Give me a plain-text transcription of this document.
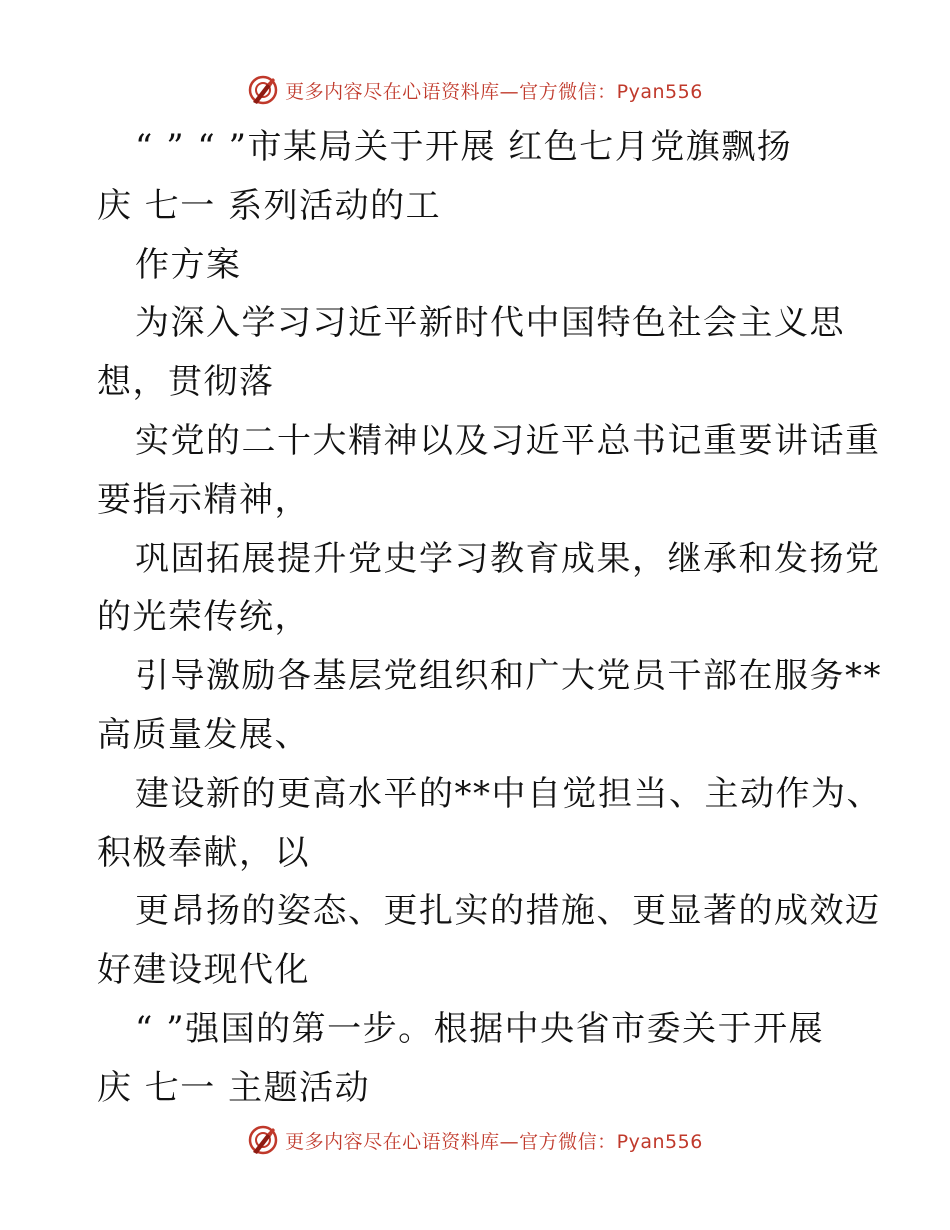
更多内容尽在心语资料库—官方微信：Pyan556
“ ” “ ”市某局关于开展 红色七月党旗飘扬
庆 七一 系列活动的工
作方案
为深入学习习近平新时代中国特色社会主义思
想，贯彻落
实党的二十大精神以及习近平总书记重要讲话重
要指示精神，
巩固拓展提升党史学习教育成果，继承和发扬党
的光荣传统，
引导激励各基层党组织和广大党员干部在服务**
高质量发展、
建设新的更高水平的**中自觉担当、主动作为、
积极奉献，以
更昂扬的姿态、更扎实的措施、更显著的成效迈
好建设现代化
“ ”强国的第一步。根据中央省市委关于开展
庆 七一 主题活动
更多内容尽在心语资料库—官方微信：Pyan556
